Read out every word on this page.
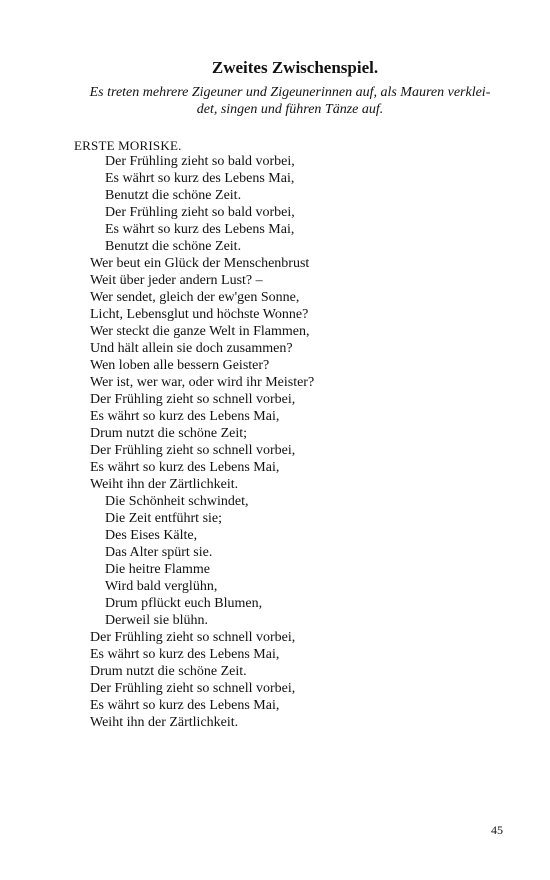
Zweites Zwischenspiel.
Es treten mehrere Zigeuner und Zigeunerinnen auf, als Mauren verklei-
det, singen und führen Tänze auf.
ERSTE MORISKE.
Der Frühling zieht so bald vorbei,
Es währt so kurz des Lebens Mai,
Benutzt die schöne Zeit.
Der Frühling zieht so bald vorbei,
Es währt so kurz des Lebens Mai,
Benutzt die schöne Zeit.
Wer beut ein Glück der Menschenbrust
Weit über jeder andern Lust? –
Wer sendet, gleich der ew'gen Sonne,
Licht, Lebensglut und höchste Wonne?
Wer steckt die ganze Welt in Flammen,
Und hält allein sie doch zusammen?
Wen loben alle bessern Geister?
Wer ist, wer war, oder wird ihr Meister?
Der Frühling zieht so schnell vorbei,
Es währt so kurz des Lebens Mai,
Drum nutzt die schöne Zeit;
Der Frühling zieht so schnell vorbei,
Es währt so kurz des Lebens Mai,
Weiht ihn der Zärtlichkeit.
Die Schönheit schwindet,
Die Zeit entführt sie;
Des Eises Kälte,
Das Alter spürt sie.
Die heitre Flamme
Wird bald verglühn,
Drum pflückt euch Blumen,
Derweil sie blühn.
Der Frühling zieht so schnell vorbei,
Es währt so kurz des Lebens Mai,
Drum nutzt die schöne Zeit.
Der Frühling zieht so schnell vorbei,
Es währt so kurz des Lebens Mai,
Weiht ihn der Zärtlichkeit.
45
